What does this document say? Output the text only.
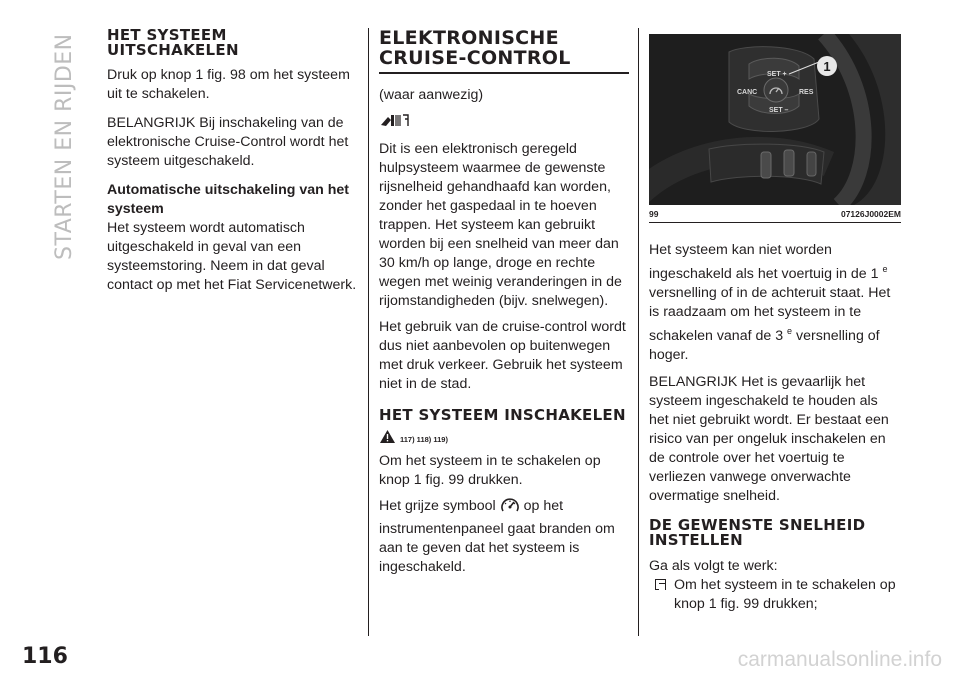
STARTEN EN RIJDEN
116	carmanualsonline.info
HET SYSTEEM UITSCHAKELEN

Druk op knop 1 fig. 98 om het systeem uit te schakelen.

BELANGRIJK Bij inschakeling van de elektronische Cruise-Control wordt het systeem uitgeschakeld.

Automatische uitschakeling van het systeem

Het systeem wordt automatisch uitgeschakeld in geval van een systeemstoring. Neem in dat geval contact op met het Fiat Servicenetwerk.

ELEKTRONISCHE CRUISE-CONTROL

(waar aanwezig)

Dit is een elektronisch geregeld hulpsysteem waarmee de gewenste rijsnelheid gehandhaafd kan worden, zonder het gaspedaal in te hoeven trappen. Het systeem kan gebruikt worden bij een snelheid van meer dan 30 km/h op lange, droge en rechte wegen met weinig veranderingen in de rijomstandigheden (bijv. snelwegen).

Het gebruik van de cruise-control wordt dus niet aanbevolen op buitenwegen met druk verkeer. Gebruik het systeem niet in de stad.

HET SYSTEEM INSCHAKELEN
117) 118) 119)

Om het systeem in te schakelen op knop 1 fig. 99 drukken.

Het grijze symbool op het instrumentenpaneel gaat branden om aan te geven dat het systeem is ingeschakeld.

1
SET +
CANC	RES
SET –
99	07126J0002EM

Het systeem kan niet worden ingeschakeld als het voertuig in de 1 $^e$ versnelling of in de achteruit staat. Het is raadzaam om het systeem in te schakelen vanaf de 3 $^e$ versnelling of hoger.

BELANGRIJK Het is gevaarlijk het systeem ingeschakeld te houden als het niet gebruikt wordt. Er bestaat een risico van per ongeluk inschakelen en de controle over het voertuig te verliezen vanwege onverwachte overmatige snelheid.

DE GEWENSTE SNELHEID INSTELLEN

Ga als volgt te werk:

Om het systeem in te schakelen op knop 1 fig. 99 drukken;
